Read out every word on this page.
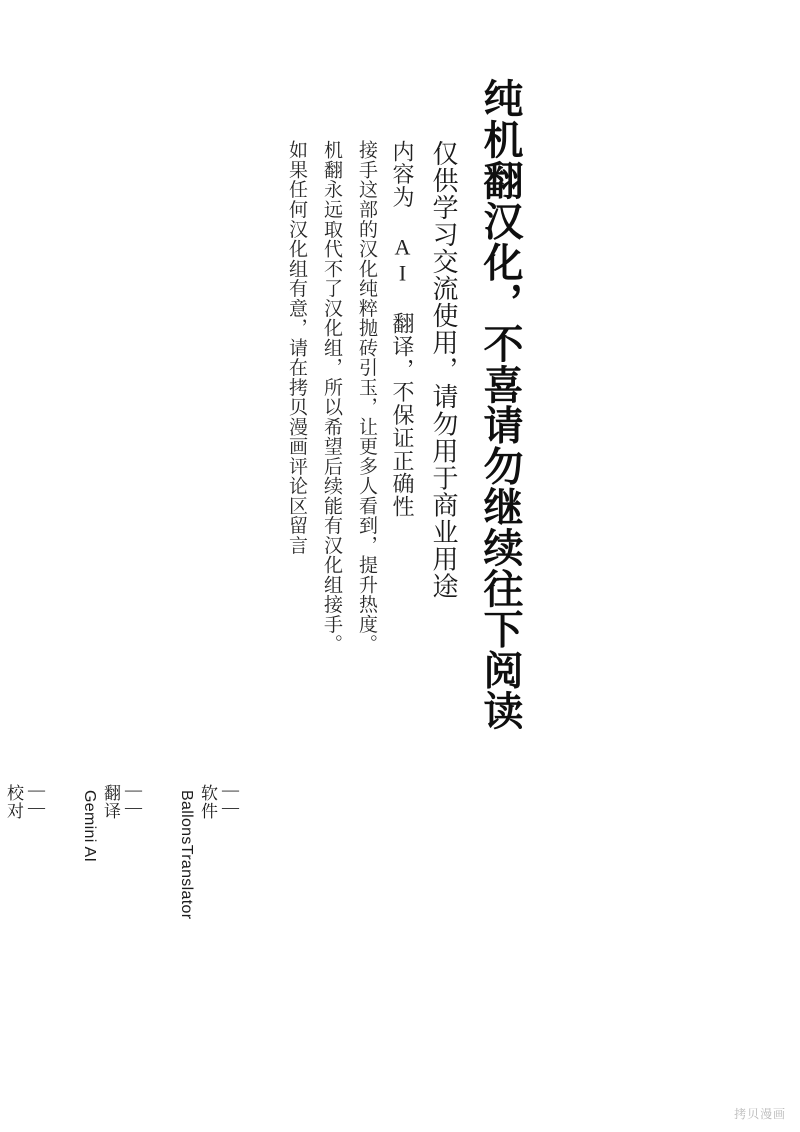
纯机翻汉化，不喜请勿继续往下阅读
仅供学习交流使用，请勿用于商业用途
内容为 AI 翻译，不保证正确性
接手这部的汉化纯粹抛砖引玉，让更多人看到，提升热度。
机翻永远取代不了汉化组，所以希望后续能有汉化组接手。
如果任何汉化组有意，请在拷贝漫画评论区留言
——
软件
BallonsTranslator
——
翻译
Gemini AI
——
校对
拷贝漫画
